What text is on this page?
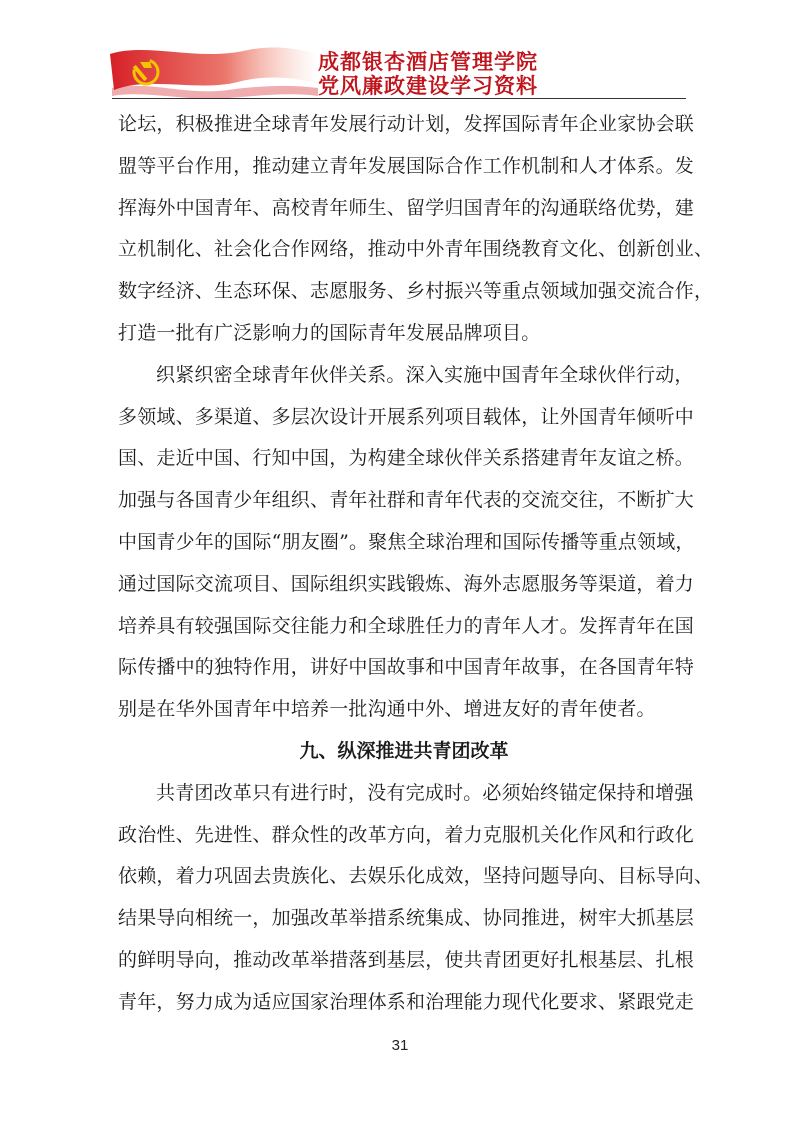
成都银杏酒店管理学院
党风廉政建设学习资料

论坛，积极推进全球青年发展行动计划，发挥国际青年企业家协会联
盟等平台作用，推动建立青年发展国际合作工作机制和人才体系。发
挥海外中国青年、高校青年师生、留学归国青年的沟通联络优势，建
立机制化、社会化合作网络，推动中外青年围绕教育文化、创新创业、
数字经济、生态环保、志愿服务、乡村振兴等重点领域加强交流合作，
打造一批有广泛影响力的国际青年发展品牌项目。

织紧织密全球青年伙伴关系。深入实施中国青年全球伙伴行动，
多领域、多渠道、多层次设计开展系列项目载体，让外国青年倾听中
国、走近中国、行知中国，为构建全球伙伴关系搭建青年友谊之桥。
加强与各国青少年组织、青年社群和青年代表的交流交往，不断扩大
中国青少年的国际“朋友圈”。聚焦全球治理和国际传播等重点领域，
通过国际交流项目、国际组织实践锻炼、海外志愿服务等渠道，着力
培养具有较强国际交往能力和全球胜任力的青年人才。发挥青年在国
际传播中的独特作用，讲好中国故事和中国青年故事，在各国青年特
别是在华外国青年中培养一批沟通中外、增进友好的青年使者。

九、纵深推进共青团改革

共青团改革只有进行时，没有完成时。必须始终锚定保持和增强
政治性、先进性、群众性的改革方向，着力克服机关化作风和行政化
依赖，着力巩固去贵族化、去娱乐化成效，坚持问题导向、目标导向、
结果导向相统一，加强改革举措系统集成、协同推进，树牢大抓基层
的鲜明导向，推动改革举措落到基层，使共青团更好扎根基层、扎根
青年，努力成为适应国家治理体系和治理能力现代化要求、紧跟党走

31
